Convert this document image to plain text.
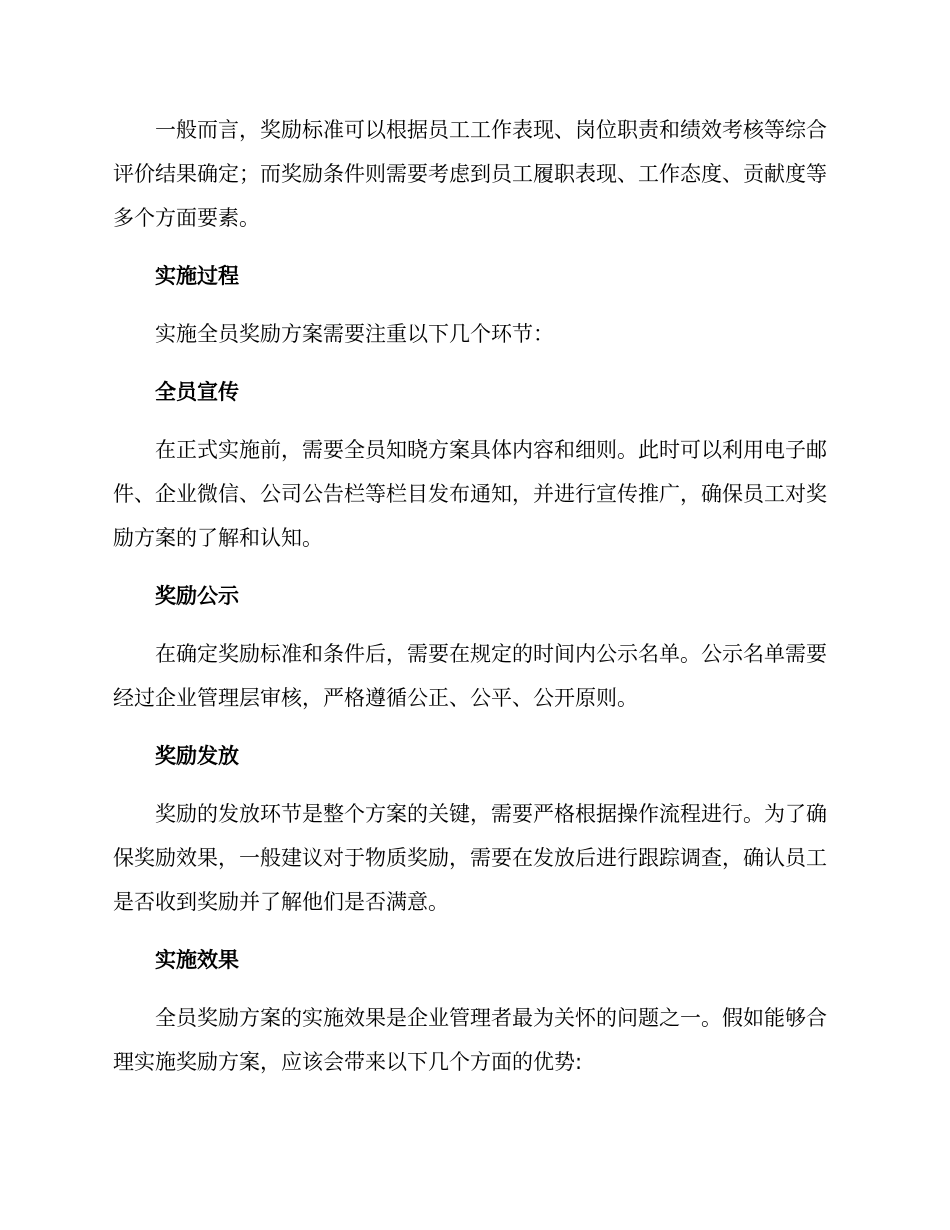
一般而言，奖励标准可以根据员工工作表现、岗位职责和绩效考核等综合评价结果确定；而奖励条件则需要考虑到员工履职表现、工作态度、贡献度等多个方面要素。

实施过程

实施全员奖励方案需要注重以下几个环节：

全员宣传

在正式实施前，需要全员知晓方案具体内容和细则。此时可以利用电子邮件、企业微信、公司公告栏等栏目发布通知，并进行宣传推广，确保员工对奖励方案的了解和认知。

奖励公示

在确定奖励标准和条件后，需要在规定的时间内公示名单。公示名单需要经过企业管理层审核，严格遵循公正、公平、公开原则。

奖励发放

奖励的发放环节是整个方案的关键，需要严格根据操作流程进行。为了确保奖励效果，一般建议对于物质奖励，需要在发放后进行跟踪调查，确认员工是否收到奖励并了解他们是否满意。

实施效果

全员奖励方案的实施效果是企业管理者最为关怀的问题之一。假如能够合理实施奖励方案，应该会带来以下几个方面的优势:
